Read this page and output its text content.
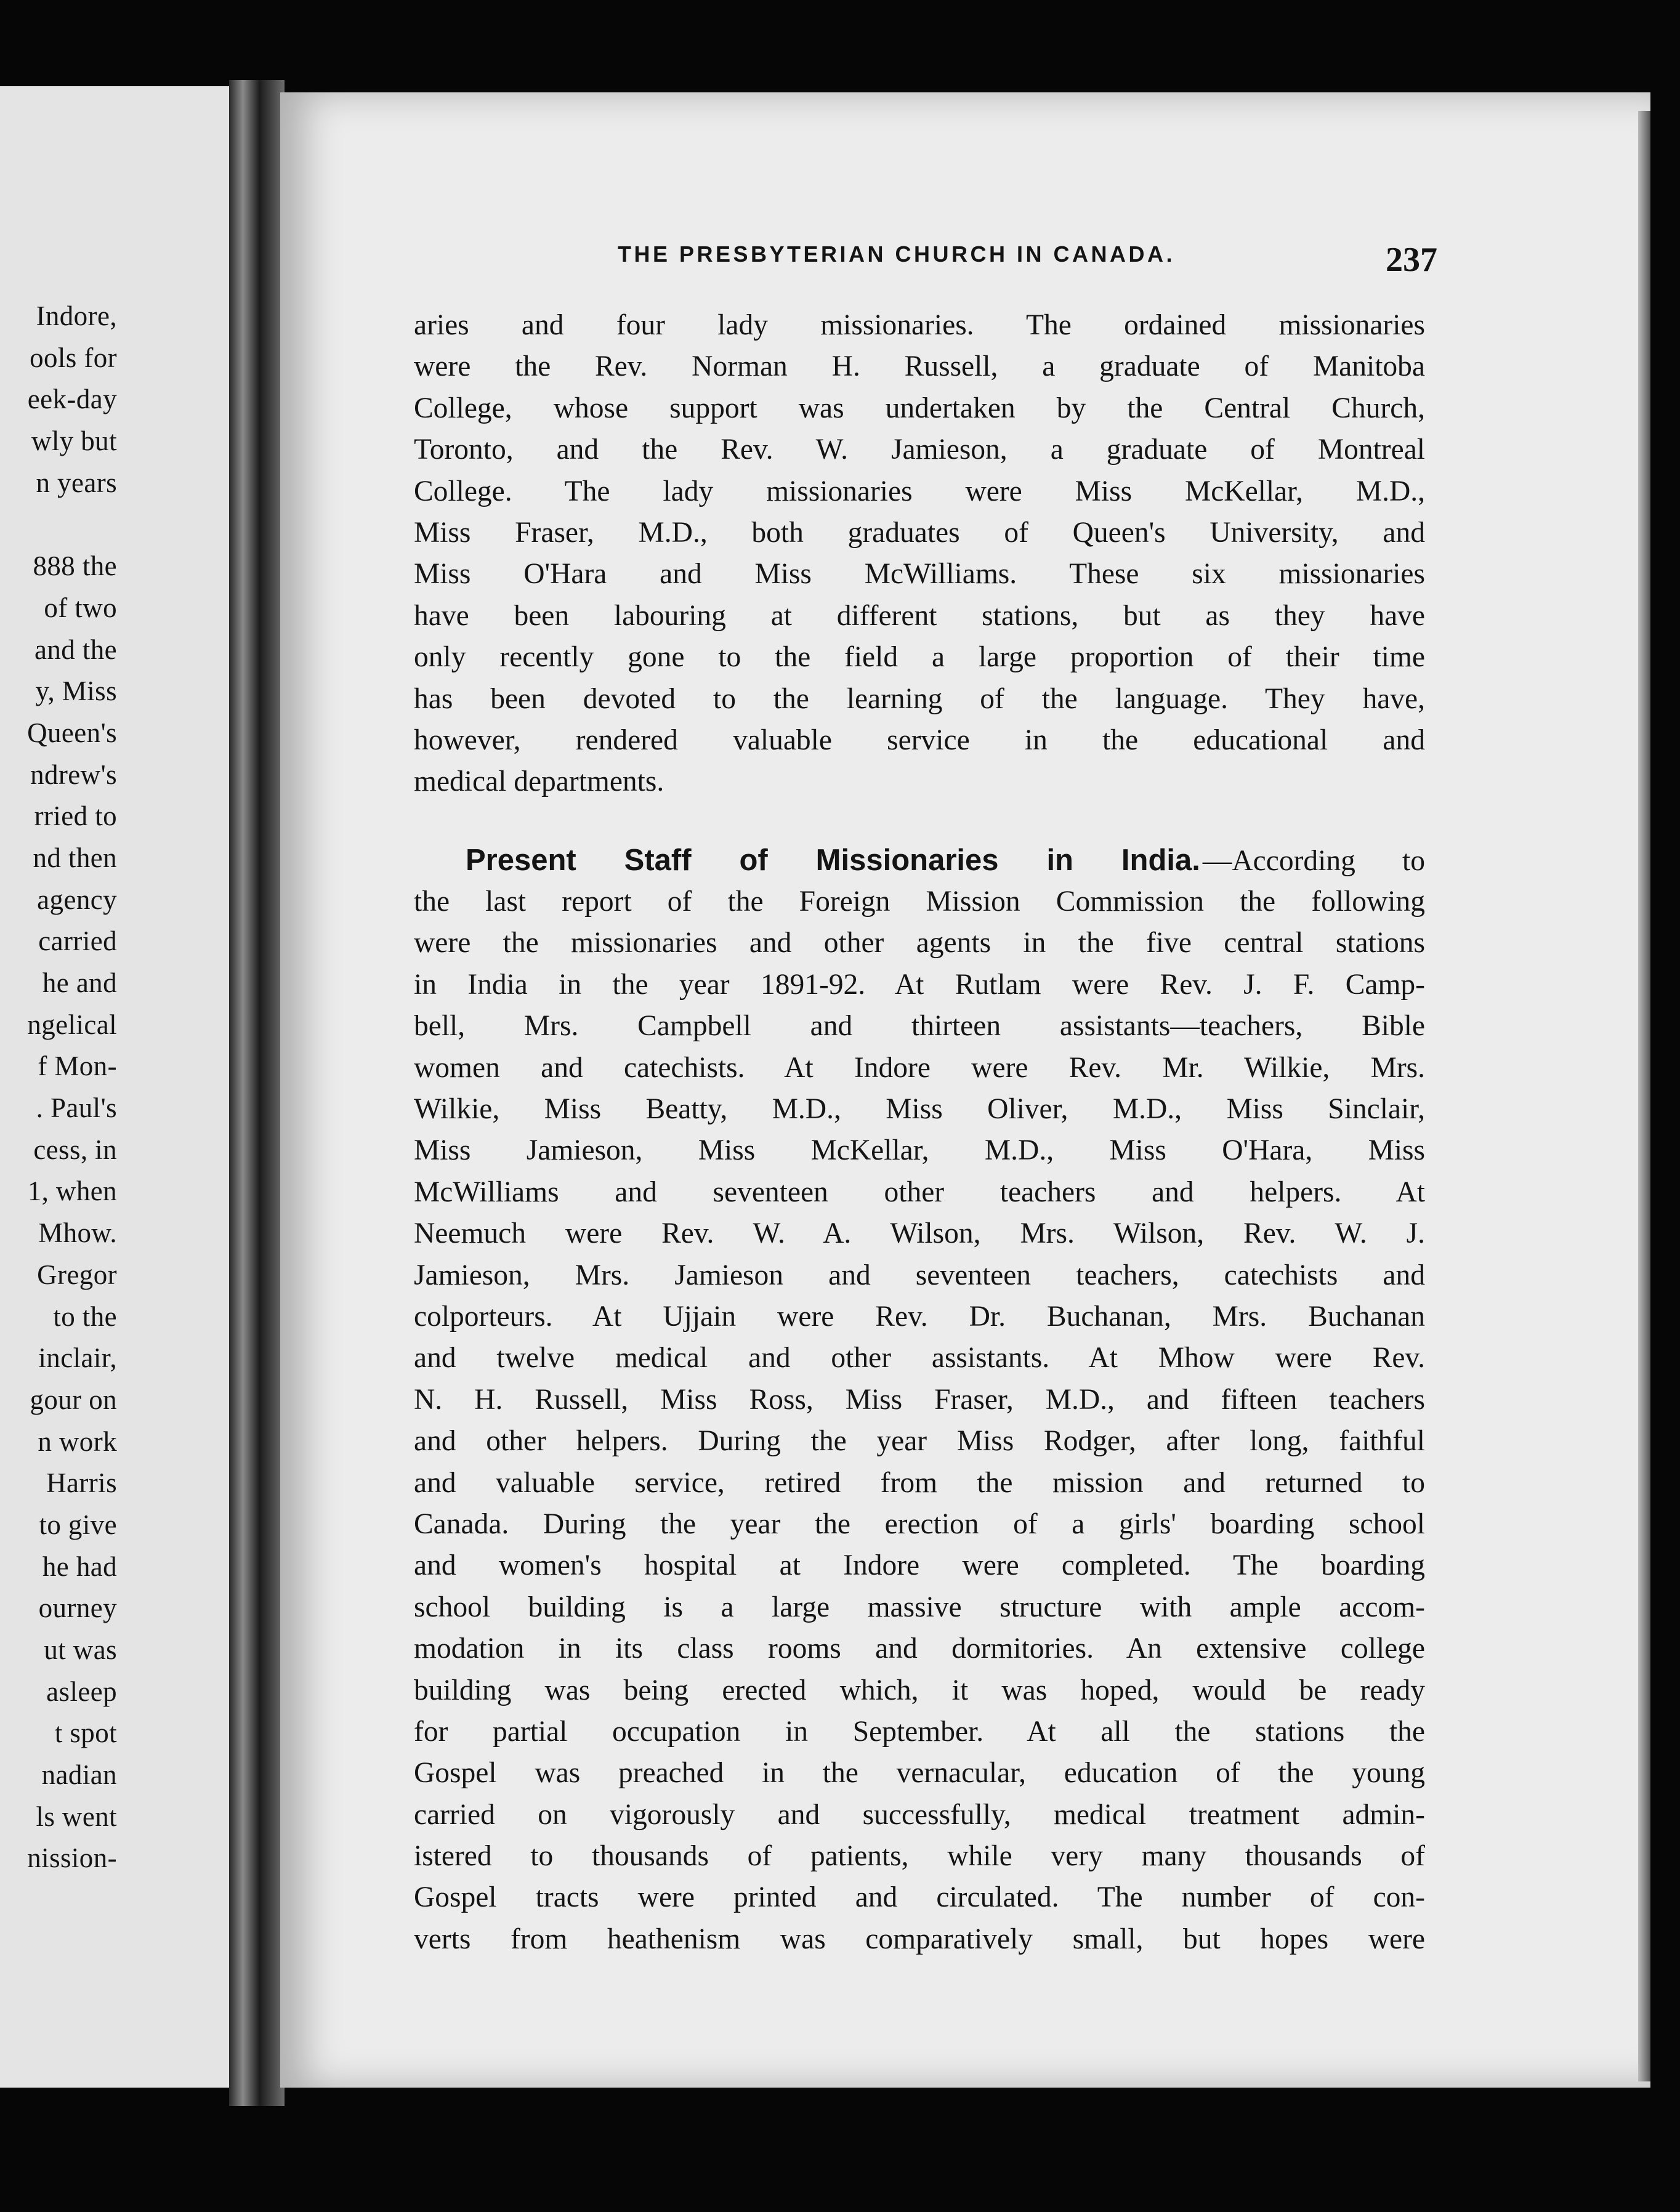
Indore,
ools for
eek-day
wly but
n years
888 the
of two
and the
y, Miss
Queen's
ndrew's
rried to
nd then
agency
carried
he and
ngelical
f Mon-
. Paul's
cess, in
1, when
Mhow.
Gregor
to the
inclair,
gour on
n work
Harris
to give
he had
ourney
ut was
asleep
t spot
nadian
ls went
nission-
THE PRESBYTERIAN CHURCH IN CANADA.	237
aries and four lady missionaries. The ordained missionaries
were the Rev. Norman H. Russell, a graduate of Manitoba
College, whose support was undertaken by the Central Church,
Toronto, and the Rev. W. Jamieson, a graduate of Montreal
College. The lady missionaries were Miss McKellar, M.D.,
Miss Fraser, M.D., both graduates of Queen's University, and
Miss O'Hara and Miss McWilliams. These six missionaries
have been labouring at different stations, but as they have
only recently gone to the field a large proportion of their time
has been devoted to the learning of the language. They have,
however, rendered valuable service in the educational and
medical departments.
Present Staff of Missionaries in India.—According to
the last report of the Foreign Mission Commission the following
were the missionaries and other agents in the five central stations
in India in the year 1891-92. At Rutlam were Rev. J. F. Camp-
bell, Mrs. Campbell and thirteen assistants—teachers, Bible
women and catechists. At Indore were Rev. Mr. Wilkie, Mrs.
Wilkie, Miss Beatty, M.D., Miss Oliver, M.D., Miss Sinclair,
Miss Jamieson, Miss McKellar, M.D., Miss O'Hara, Miss
McWilliams and seventeen other teachers and helpers. At
Neemuch were Rev. W. A. Wilson, Mrs. Wilson, Rev. W. J.
Jamieson, Mrs. Jamieson and seventeen teachers, catechists and
colporteurs. At Ujjain were Rev. Dr. Buchanan, Mrs. Buchanan
and twelve medical and other assistants. At Mhow were Rev.
N. H. Russell, Miss Ross, Miss Fraser, M.D., and fifteen teachers
and other helpers. During the year Miss Rodger, after long, faithful
and valuable service, retired from the mission and returned to
Canada. During the year the erection of a girls' boarding school
and women's hospital at Indore were completed. The boarding
school building is a large massive structure with ample accom-
modation in its class rooms and dormitories. An extensive college
building was being erected which, it was hoped, would be ready
for partial occupation in September. At all the stations the
Gospel was preached in the vernacular, education of the young
carried on vigorously and successfully, medical treatment admin-
istered to thousands of patients, while very many thousands of
Gospel tracts were printed and circulated. The number of con-
verts from heathenism was comparatively small, but hopes were
